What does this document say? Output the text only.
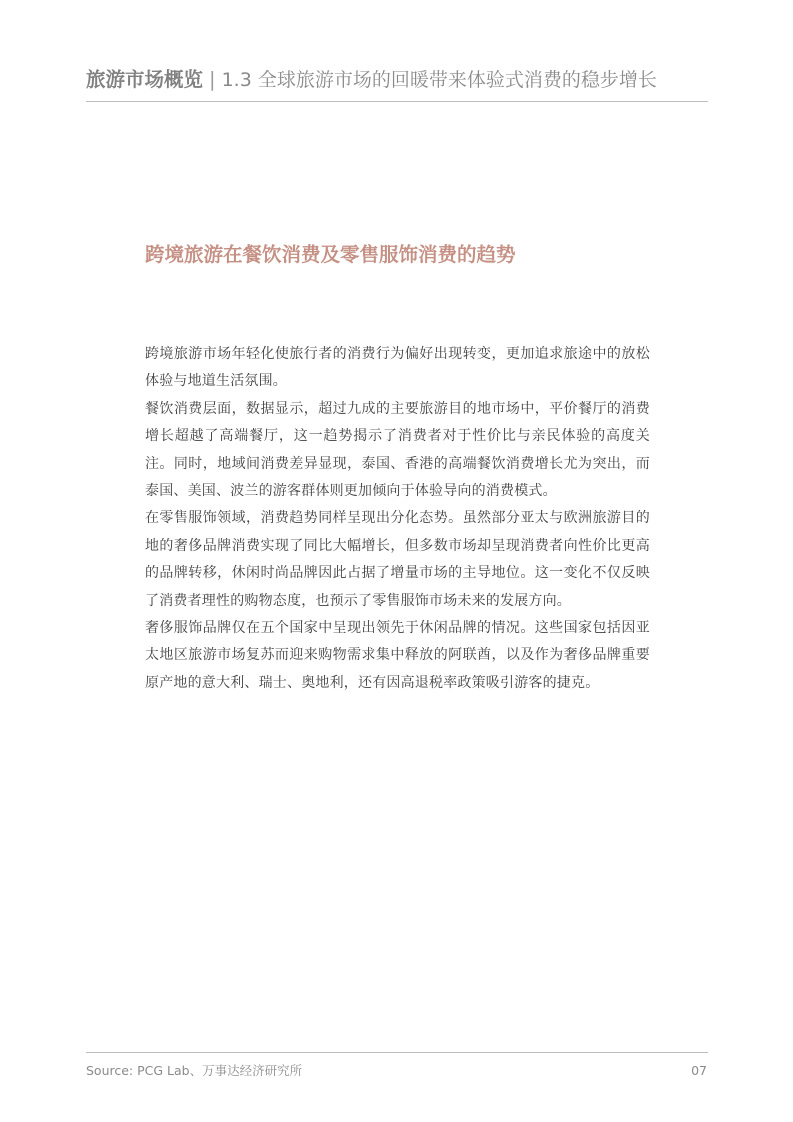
旅游市场概览 | 1.3 全球旅游市场的回暖带来体验式消费的稳步增长
跨境旅游在餐饮消费及零售服饰消费的趋势

跨境旅游市场年轻化使旅行者的消费行为偏好出现转变，更加追求旅途中的放松体验与地道生活氛围。

餐饮消费层面，数据显示，超过九成的主要旅游目的地市场中，平价餐厅的消费增长超越了高端餐厅，这一趋势揭示了消费者对于性价比与亲民体验的高度关注。同时，地域间消费差异显现，泰国、香港的高端餐饮消费增长尤为突出，而泰国、美国、波兰的游客群体则更加倾向于体验导向的消费模式。

在零售服饰领域，消费趋势同样呈现出分化态势。虽然部分亚太与欧洲旅游目的地的奢侈品牌消费实现了同比大幅增长，但多数市场却呈现消费者向性价比更高的品牌转移，休闲时尚品牌因此占据了增量市场的主导地位。这一变化不仅反映了消费者理性的购物态度，也预示了零售服饰市场未来的发展方向。

奢侈服饰品牌仅在五个国家中呈现出领先于休闲品牌的情况。这些国家包括因亚太地区旅游市场复苏而迎来购物需求集中释放的阿联酋，以及作为奢侈品牌重要原产地的意大利、瑞士、奥地利，还有因高退税率政策吸引游客的捷克。

Source: PCG Lab、万事达经济研究所	07
